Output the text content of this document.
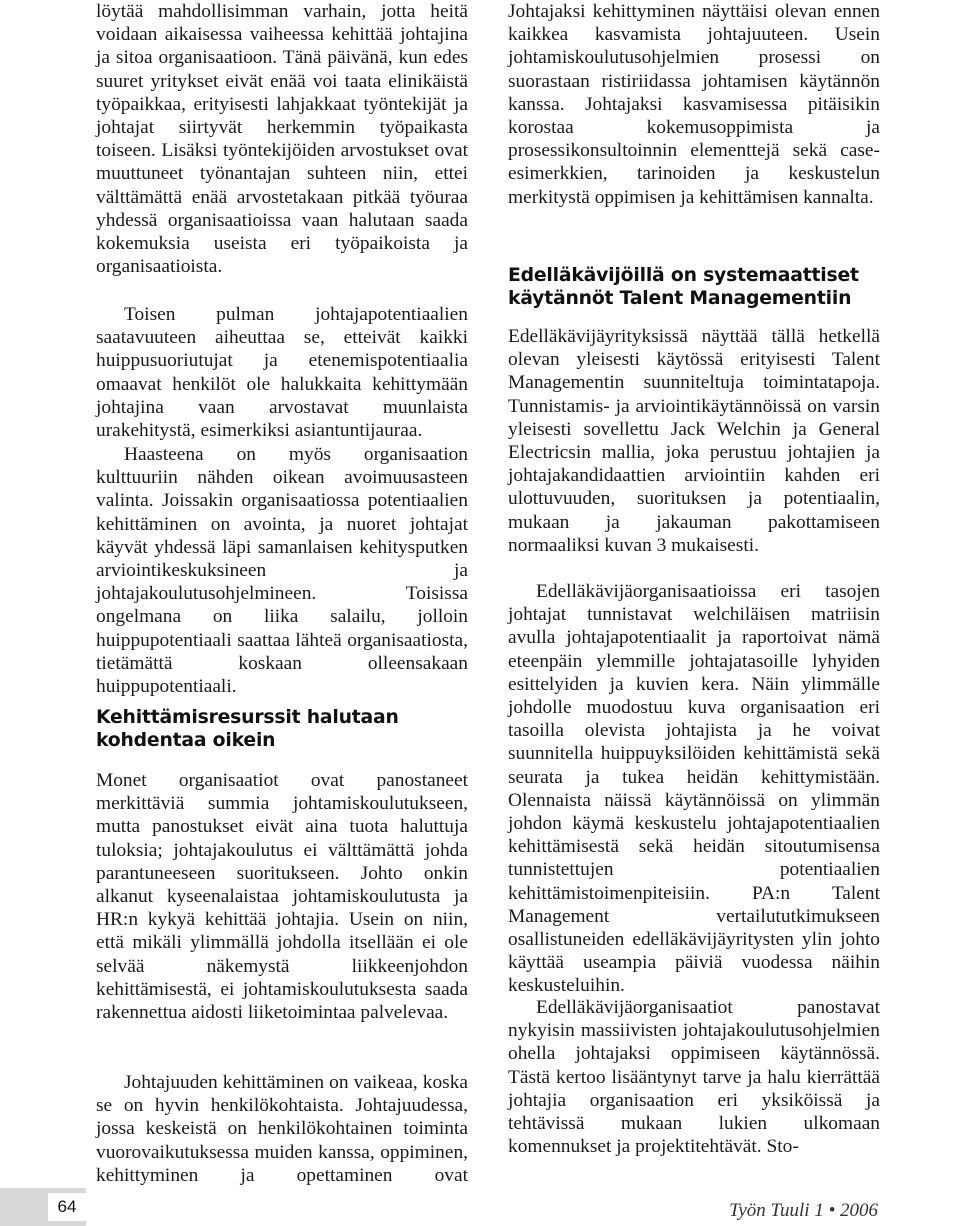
löytää mahdollisimman varhain, jotta heitä voidaan aikaisessa vaiheessa kehittää johtajina ja sitoa organisaatioon. Tänä päivänä, kun edes suuret yritykset eivät enää voi taata elinikäistä työpaikkaa, erityisesti lahjakkaat työntekijät ja johtajat siirtyvät herkemmin työpaikasta toiseen. Lisäksi työntekijöiden arvostukset ovat muuttuneet työnantajan suhteen niin, ettei välttämättä enää arvostetakaan pitkää työuraa yhdessä organisaatioissa vaan halutaan saada kokemuksia useista eri työpaikoista ja organisaatioista.

Toisen pulman johtajapotentiaalien saatavuuteen aiheuttaa se, etteivät kaikki huippusuoriutujat ja etenemispotentiaalia omaavat henkilöt ole halukkaita kehittymään johtajina vaan arvostavat muunlaista urakehitystä, esimerkiksi asiantuntijauraa.

Haasteena on myös organisaation kulttuuriin nähden oikean avoimuusasteen valinta. Joissakin organisaatiossa potentiaalien kehittäminen on avointa, ja nuoret johtajat käyvät yhdessä läpi samanlaisen kehitysputken arviointikeskuksineen ja johtajakoulutusohjelmineen. Toisissa ongelmana on liika salailu, jolloin huippupotentiaali saattaa lähteä organisaatiosta, tietämättä koskaan olleensakaan huippupotentiaali.

Kehittämisresurssit halutaan kohdentaa oikein

Monet organisaatiot ovat panostaneet merkittäviä summia johtamiskoulutukseen, mutta panostukset eivät aina tuota haluttuja tuloksia; johtajakoulutus ei välttämättä johda parantuneeseen suoritukseen. Johto onkin alkanut kyseenalaistaa johtamiskoulutusta ja HR:n kykyä kehittää johtajia. Usein on niin, että mikäli ylimmällä johdolla itsellään ei ole selvää näkemystä liikkeenjohdon kehittämisestä, ei johtamiskoulutuksesta saada rakennettua aidosti liiketoimintaa palvelevaa.

Johtajuuden kehittäminen on vaikeaa, koska se on hyvin henkilökohtaista. Johtajuudessa, jossa keskeistä on henkilökohtainen toiminta vuorovaikutuksessa muiden kanssa, oppiminen, kehittyminen ja opettaminen ovat

Johtajaksi kehittyminen näyttäisi olevan ennen kaikkea kasvamista johtajuuteen. Usein johtamiskoulutusohjelmien prosessi on suorastaan ristiriidassa johtamisen käytännön kanssa. Johtajaksi kasvamisessa pitäisikin korostaa kokemusoppimista ja prosessikonsultoinnin elementtejä sekä case-esimerkkien, tarinoiden ja keskustelun merkitystä oppimisen ja kehittämisen kannalta.

Edelläkävijöillä on systemaattiset käytännöt Talent Managementiin

Edelläkävijäyrityksissä näyttää tällä hetkellä olevan yleisesti käytössä erityisesti Talent Managementin suunniteltuja toimintatapoja. Tunnistamis- ja arviointikäytännöissä on varsin yleisesti sovellettu Jack Welchin ja General Electricsin mallia, joka perustuu johtajien ja johtajakandidaattien arviointiin kahden eri ulottuvuuden, suorituksen ja potentiaalin, mukaan ja jakauman pakottamiseen normaaliksi kuvan 3 mukaisesti.

Edelläkävijäorganisaatioissa eri tasojen johtajat tunnistavat welchiläisen matriisin avulla johtajapotentiaalit ja raportoivat nämä eteenpäin ylemmille johtajatasoille lyhyiden esittelyiden ja kuvien kera. Näin ylimmälle johdolle muodostuu kuva organisaation eri tasoilla olevista johtajista ja he voivat suunnitella huippuyksilöiden kehittämistä sekä seurata ja tukea heidän kehittymistään. Olennaista näissä käytännöissä on ylimmän johdon käymä keskustelu johtajapotentiaalien kehittämisestä sekä heidän sitoutumisensa tunnistettujen potentiaalien kehittämistoimenpiteisiin. PA:n Talent Management vertailututkimukseen osallistuneiden edelläkävijäyritysten ylin johto käyttää useampia päiviä vuodessa näihin keskusteluihin.

Edelläkävijäorganisaatiot panostavat nykyisin massiivisten johtajakoulutusohjelmien ohella johtajaksi oppimiseen käytännössä. Tästä kertoo lisääntynyt tarve ja halu kierrättää johtajia organisaation eri yksiköissä ja tehtävissä mukaan lukien ulkomaan komennukset ja projektitehtävät. Sto-

64	Työn Tuuli 1 • 2006
